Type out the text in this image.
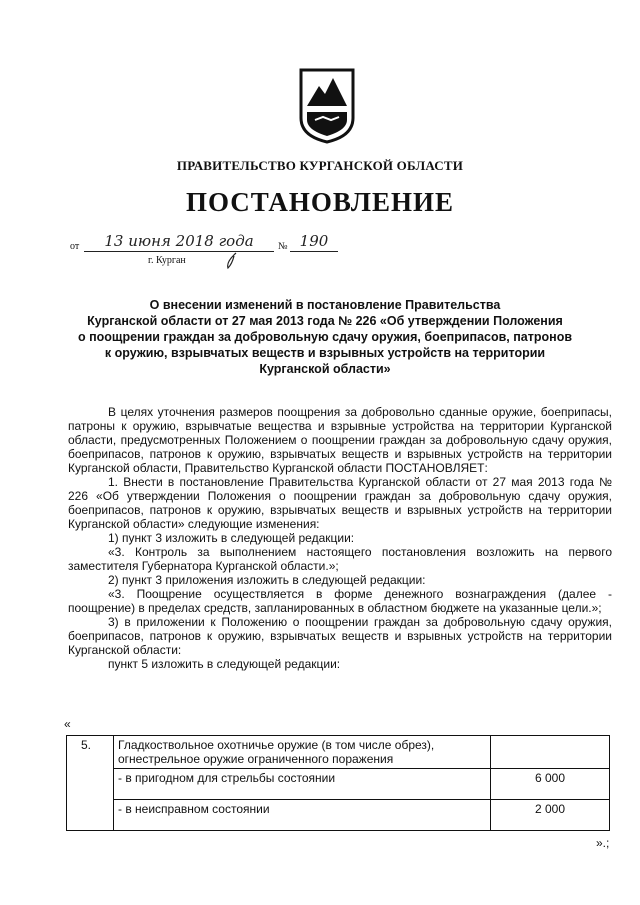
ПРАВИТЕЛЬСТВО КУРГАНСКОЙ ОБЛАСТИ
ПОСТАНОВЛЕНИЕ
от	13 июня 2018 года	№ 190
г. Курган
О внесении изменений в постановление Правительства
Курганской области от 27 мая 2013 года № 226 «Об утверждении Положения
о поощрении граждан за добровольную сдачу оружия, боеприпасов, патронов
к оружию, взрывчатых веществ и взрывных устройств на территории
Курганской области»

В целях уточнения размеров поощрения за добровольно сданные оружие, боеприпасы, патроны к оружию, взрывчатые вещества и взрывные устройства на территории Курганской области, предусмотренных Положением о поощрении граждан за добровольную сдачу оружия, боеприпасов, патронов к оружию, взрывчатых веществ и взрывных устройств на территории Курганской области, Правительство Курганской области ПОСТАНОВЛЯЕТ:

1. Внести в постановление Правительства Курганской области от 27 мая 2013 года № 226 «Об утверждении Положения о поощрении граждан за добровольную сдачу оружия, боеприпасов, патронов к оружию, взрывчатых веществ и взрывных устройств на территории Курганской области» следующие изменения:

1) пункт 3 изложить в следующей редакции:

«3. Контроль за выполнением настоящего постановления возложить на первого заместителя Губернатора Курганской области.»;

2) пункт 3 приложения изложить в следующей редакции:

«3. Поощрение осуществляется в форме денежного вознаграждения (далее - поощрение) в пределах средств, запланированных в областном бюджете на указанные цели.»;

3) в приложении к Положению о поощрении граждан за добровольную сдачу оружия, боеприпасов, патронов к оружию, взрывчатых веществ и взрывных устройств на территории Курганской области:

пункт 5 изложить в следующей редакции:

«
5.	Гладкоствольное охотничье оружие (в том числе обрез), огнестрельное оружие ограниченного поражения	
	- в пригодном для стрельбы состоянии	6 000
	- в неисправном состоянии	2 000
».;
